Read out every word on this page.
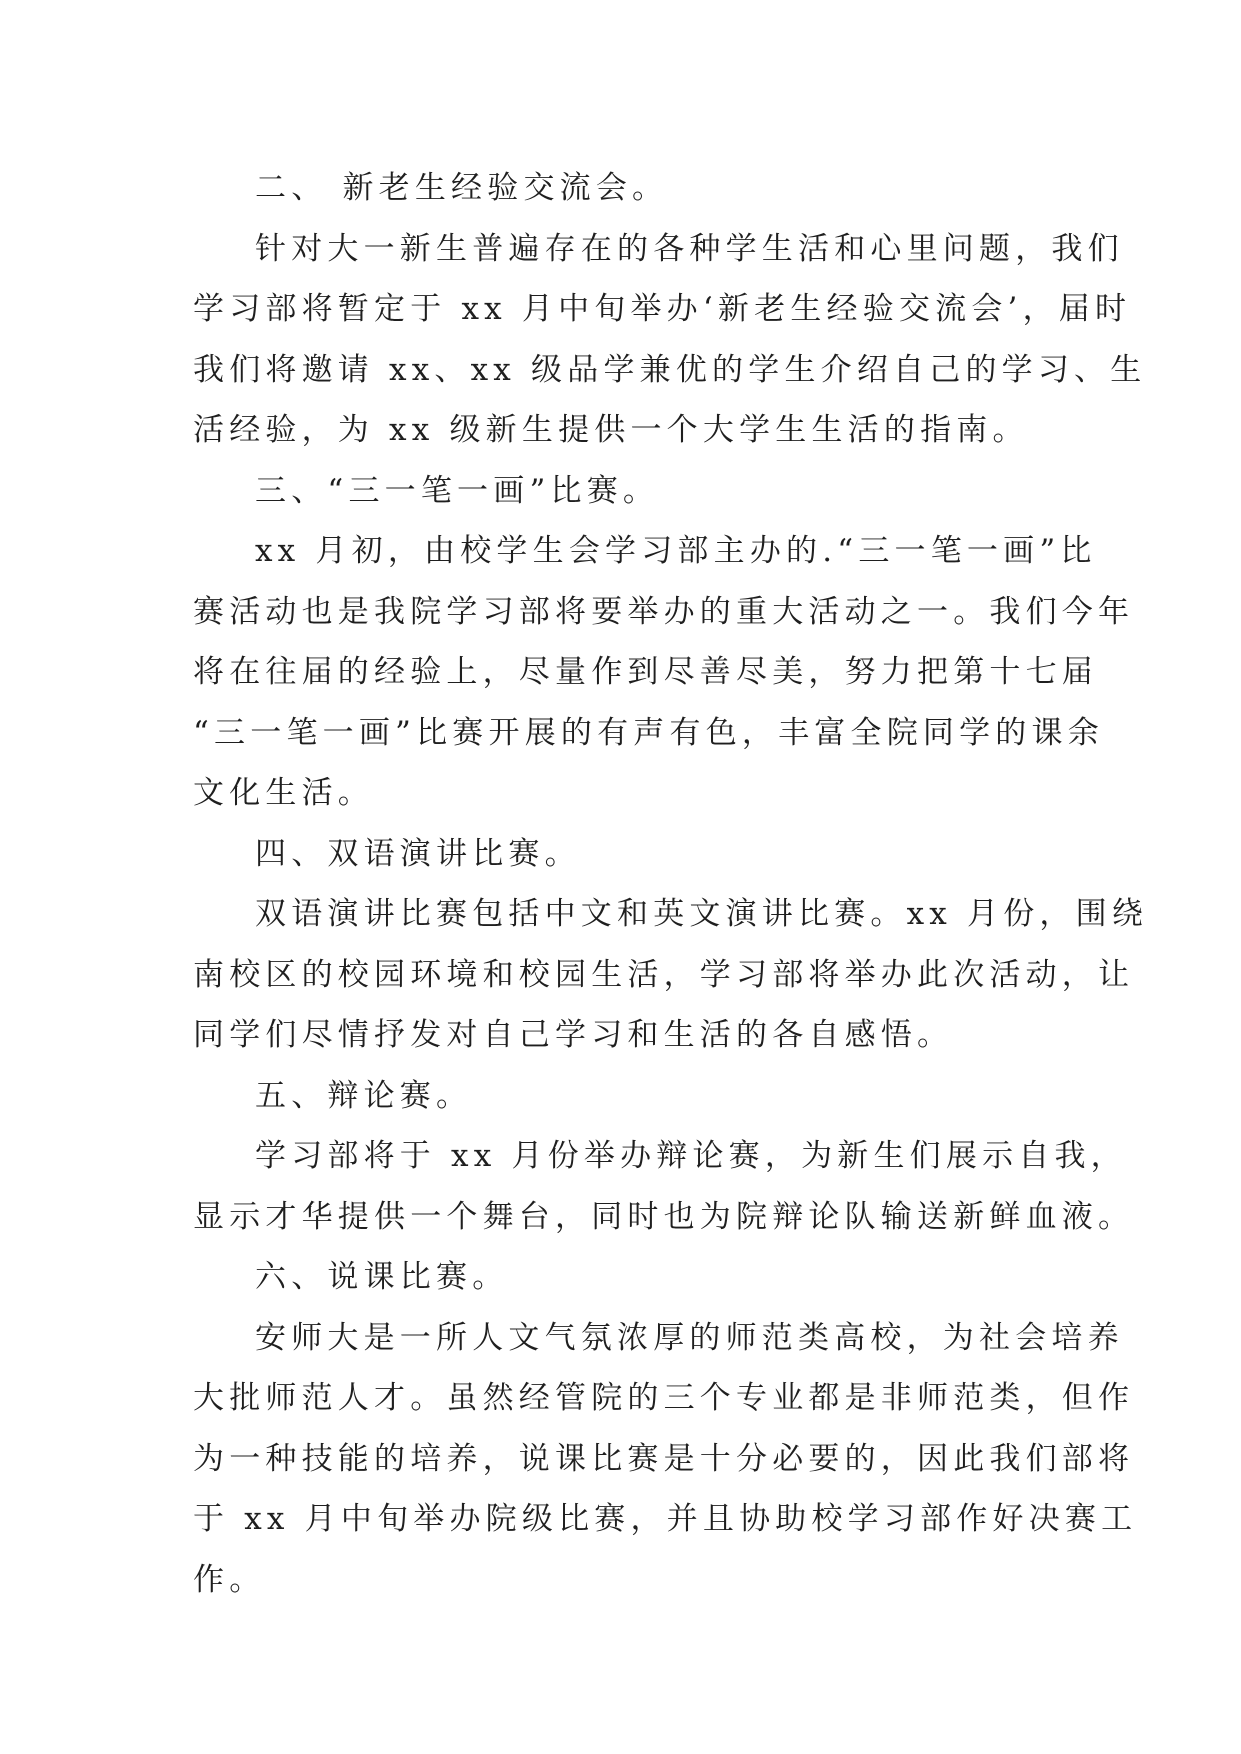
二、 新老生经验交流会。
针对大一新生普遍存在的各种学生活和心里问题，我们
学习部将暂定于 xx 月中旬举办‘新老生经验交流会’，届时
我们将邀请 xx、xx 级品学兼优的学生介绍自己的学习、生
活经验，为 xx 级新生提供一个大学生生活的指南。
三、“三一笔一画”比赛。
xx 月初，由校学生会学习部主办的.“三一笔一画”比
赛活动也是我院学习部将要举办的重大活动之一。我们今年
将在往届的经验上，尽量作到尽善尽美，努力把第十七届
“三一笔一画”比赛开展的有声有色，丰富全院同学的课余
文化生活。
四、双语演讲比赛。
双语演讲比赛包括中文和英文演讲比赛。xx 月份，围绕
南校区的校园环境和校园生活，学习部将举办此次活动，让
同学们尽情抒发对自己学习和生活的各自感悟。
五、辩论赛。
学习部将于 xx 月份举办辩论赛，为新生们展示自我，
显示才华提供一个舞台，同时也为院辩论队输送新鲜血液。
六、说课比赛。
安师大是一所人文气氛浓厚的师范类高校，为社会培养
大批师范人才。虽然经管院的三个专业都是非师范类，但作
为一种技能的培养，说课比赛是十分必要的，因此我们部将
于 xx 月中旬举办院级比赛，并且协助校学习部作好决赛工
作。
